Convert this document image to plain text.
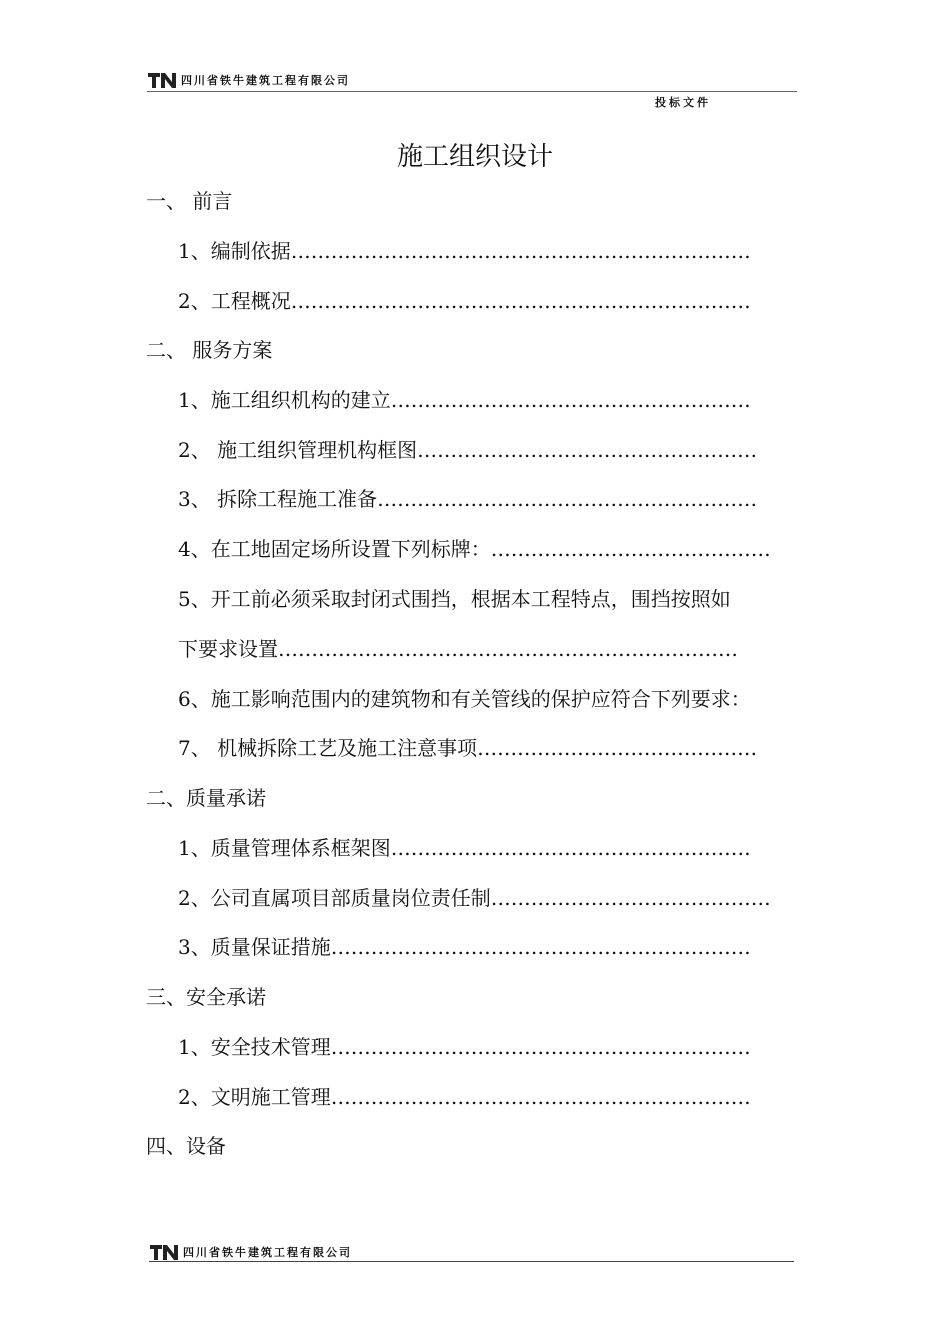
四川省铁牛建筑工程有限公司
投标文件
施工组织设计
一、 前言
1、编制依据……………………………………………………………
2、工程概况……………………………………………………………
二、 服务方案
1、施工组织机构的建立………………………………………………
2、 施工组织管理机构框图……………………………………………
3、 拆除工程施工准备…………………………………………………
4、在工地固定场所设置下列标牌：……………………………………
5、开工前必须采取封闭式围挡，根据本工程特点，围挡按照如
下要求设置……………………………………………………………
6、施工影响范围内的建筑物和有关管线的保护应符合下列要求：
7、 机械拆除工艺及施工注意事项……………………………………
二、质量承诺
1、质量管理体系框架图………………………………………………
2、公司直属项目部质量岗位责任制……………………………………
3、质量保证措施………………………………………………………
三、安全承诺
1、安全技术管理………………………………………………………
2、文明施工管理………………………………………………………
四、设备
四川省铁牛建筑工程有限公司
